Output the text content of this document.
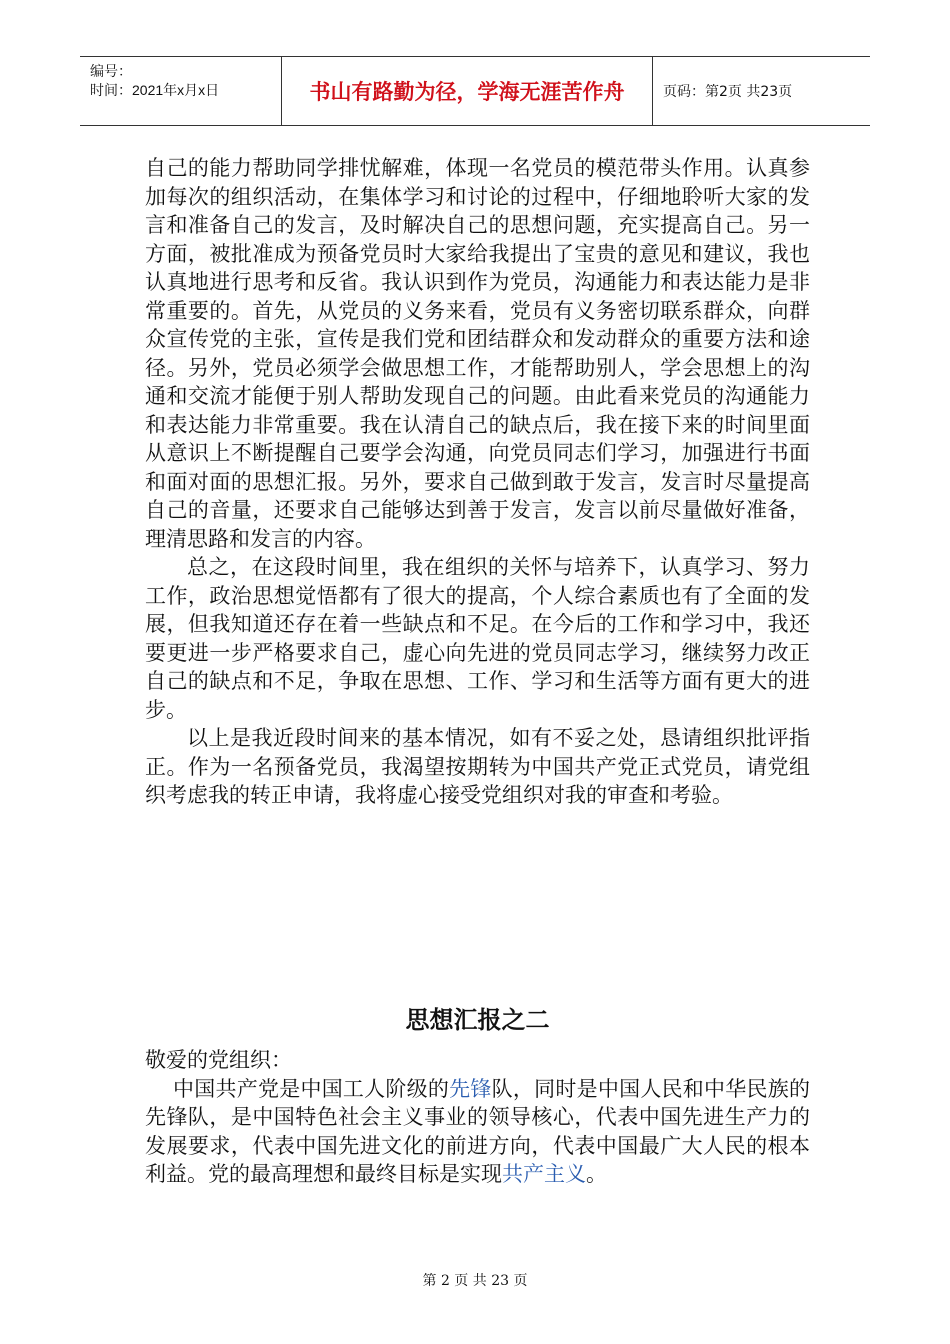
编号：
时间：2021年x月x日	书山有路勤为径，学海无涯苦作舟	页码：第2页 共23页

自己的能力帮助同学排忧解难，体现一名党员的模范带头作用。认真参加每次的组织活动，在集体学习和讨论的过程中，仔细地聆听大家的发言和准备自己的发言，及时解决自己的思想问题，充实提高自己。另一方面，被批准成为预备党员时大家给我提出了宝贵的意见和建议，我也认真地进行思考和反省。我认识到作为党员，沟通能力和表达能力是非常重要的。首先，从党员的义务来看，党员有义务密切联系群众，向群众宣传党的主张，宣传是我们党和团结群众和发动群众的重要方法和途径。另外，党员必须学会做思想工作，才能帮助别人，学会思想上的沟通和交流才能便于别人帮助发现自己的问题。由此看来党员的沟通能力和表达能力非常重要。我在认清自己的缺点后，我在接下来的时间里面从意识上不断提醒自己要学会沟通，向党员同志们学习，加强进行书面和面对面的思想汇报。另外，要求自己做到敢于发言，发言时尽量提高自己的音量，还要求自己能够达到善于发言，发言以前尽量做好准备，理清思路和发言的内容。

总之，在这段时间里，我在组织的关怀与培养下，认真学习、努力工作，政治思想觉悟都有了很大的提高，个人综合素质也有了全面的发展，但我知道还存在着一些缺点和不足。在今后的工作和学习中，我还要更进一步严格要求自己，虚心向先进的党员同志学习，继续努力改正自己的缺点和不足，争取在思想、工作、学习和生活等方面有更大的进步。

以上是我近段时间来的基本情况，如有不妥之处，恳请组织批评指正。作为一名预备党员，我渴望按期转为中国共产党正式党员，请党组织考虑我的转正申请，我将虚心接受党组织对我的审查和考验。

思想汇报之二

敬爱的党组织：

中国共产党是中国工人阶级的先锋队，同时是中国人民和中华民族的先锋队，是中国特色社会主义事业的领导核心，代表中国先进生产力的发展要求，代表中国先进文化的前进方向，代表中国最广大人民的根本利益。党的最高理想和最终目标是实现共产主义。

第 2 页 共 23 页
